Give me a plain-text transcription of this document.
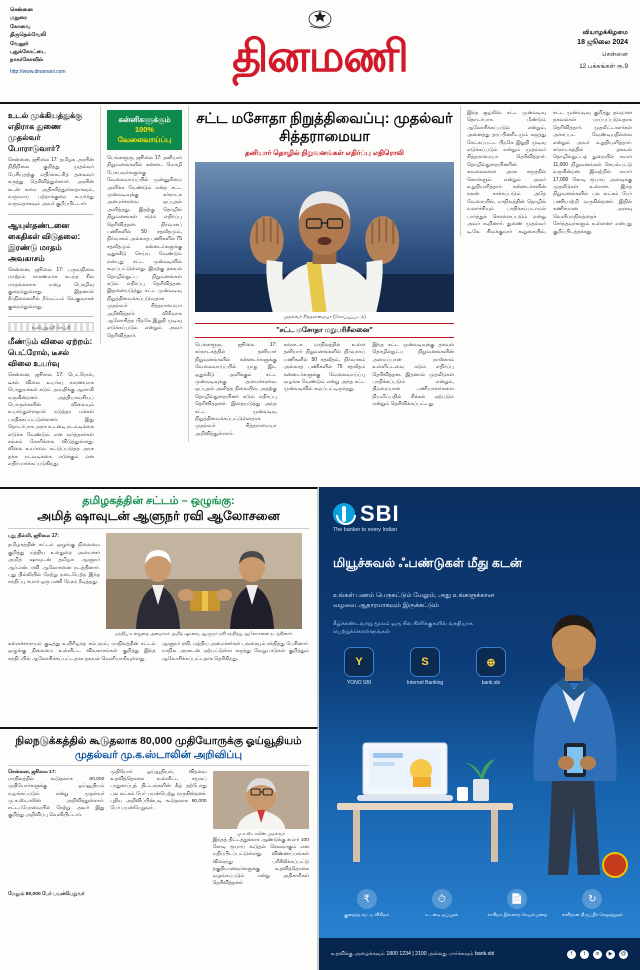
சென்னை
மதுரை
கோவை
திருநெல்வேலி
வேலூர்
புதுக்கோட்டை
நாகர்கோவில்
http://www.dinamani.com	தினமணி	வியாழக்கிழமை
18 ஜூலை 2024
சென்னை
12 பக்கங்கள் ரூ.9
உடல் முக்கியத்துக்கு எதிராக துணை முதல்வர் போராடுவார்?
சென்னை, ஜூலை 17: தமிழக அரசின் நிதிநிலை குறித்து முதல்வர் பேசியதற்கு எதிர்க்கட்சித் தலைவர் கருத்து தெரிவித்துள்ளார். அரசின் கடன் சுமை அதிகரித்துள்ளதாகவும், வருவாய் பற்றாக்குறை உயர்ந்து வருவதாகவும் அவர் குறிப்பிட்டார்.
ஆயுள்தண்டனை கைதிகள் விடுதலை: இரண்டு மாதம் அவகாசம்
சென்னை, ஜூலை 17: பருவநிலை மாற்றம் காரணமாக கடந்த சில மாதங்களாக மழை பொழிவு குறைந்துள்ளது. இதனால் நீர்நிலைகளில் நீர்மட்டம் வெகுவாகக் குறைந்துள்ளது.
வலியுறுத்தி செய்தி
மீண்டும் விலை ஏற்றம்: பெட்ரோல், டீசல் விலை உயர்வு
சென்னை, ஜூலை 17: பெட்ரோல், டீசல் விலை உயர்வு காரணமாக பொதுமக்கள் கடும் அவதிக்கு ஆளாகி வருகின்றனர். அத்தியாவசியப் பொருள்களின் விலையும் உயர்ந்துள்ளதால் நடுத்தர மக்கள் பாதிக்கப்பட்டுள்ளனர். இது தொடர்பாக அரசு உடனடி நடவடிக்கை எடுக்க வேண்டும் என வர்த்தகர்கள் சங்கம் கோரிக்கை விடுத்துள்ளது. விலை உயர்வை கட்டுப்படுத்த அரசு தக்க நடவடிக்கை எடுக்கும் என எதிர்பார்க்கப்படுகிறது.
கன்னிகளுக்கும்
100% வேலைவாய்ப்பு
பெங்களூரு, ஜூலை 17: தனியார் நிறுவனங்களில் கன்னட மொழி பேசுபவர்களுக்கு வேலைவாய்ப்பில் முன்னுரிமை அளிக்க வேண்டும் என்ற சட்ட முன்வடிவுக்கு கர்நாடக அமைச்சரவை ஒப்புதல் அளித்தது. இதற்கு தொழில் நிறுவனங்கள் கடும் எதிர்ப்பு தெரிவித்தன. நிர்வாகப் பணிகளில் 50 சதவீதமும், நிர்வாகம் அல்லாத பணிகளில் 75 சதவீதமும் கன்னடர்களுக்கு ஒதுக்கீடு செய்ய வேண்டும் என்பது சட்ட முன்வடிவில் கூறப்பட்டுள்ளது. இதற்கு தகவல் தொழில்நுட்ப நிறுவனங்கள் கடும் எதிர்ப்பு தெரிவித்தன. இதனையடுத்து, சட்ட முன்வடிவு நிறுத்திவைக்கப்படுவதாக முதல்வர் சித்தராமையா அறிவித்தார். விரிவாக ஆலோசித்த பிறகே இறுதி முடிவு எடுக்கப்படும் என்றும் அவர் தெரிவித்தார்.
சட்ட மசோதா நிறுத்திவைப்பு: முதல்வர் சித்தராமையா
தனியார் தொழில் நிறுவனங்கள் எதிர்ப்பு எதிரொலி
முதல்வர் சித்தராமையா (கோப்புப்படம்)
"சட்ட மசோதா மறுபரிசீலனை"
பெங்களூரு, ஜூலை 17: கர்நாடகத்தில் தனியார் நிறுவனங்களில் கன்னடர்களுக்கு வேலைவாய்ப்பில் முழு இட ஒதுக்கீடு அளிக்கும் சட்ட முன்வடிவுக்கு அமைச்சரவை ஒப்புதல் அளித்த நிலையில், அதற்கு தொழில்துறையினர் கடும் எதிர்ப்பு தெரிவித்தனர். இதையடுத்து அந்த சட்ட முன்வடிவு நிறுத்திவைக்கப்பட்டுள்ளதாக முதல்வர் சித்தராமையா அறிவித்துள்ளார்.
கர்நாடக மாநிலத்தில் உள்ள தனியார் நிறுவனங்களில் நிர்வாகப் பணிகளில் 50 சதவீதம், நிர்வாகம் அல்லாத பணிகளில் 75 சதவீதம் கன்னடர்களுக்கு வேலைவாய்ப்பு வழங்க வேண்டும் என்று அந்த சட்ட முன்வடிவில் கூறப்பட்டிருந்தது.
இந்த சட்ட முன்வடிவுக்கு தகவல் தொழில்நுட்ப நிறுவனங்களின் அமைப்பான நாஸ்காம் உள்ளிட்டவை கடும் எதிர்ப்பு தெரிவித்தன. இதனால் முதலீடுகள் பாதிக்கப்படும் என்றும், திறமையான பணியாளர்களை நியமிப்பதில் சிக்கல் ஏற்படும் என்றும் தெரிவிக்கப்பட்டது.
இந்த சூழலில், சட்ட முன்வடிவு தொடர்பாக மீண்டும் ஆலோசிக்கப்படும் என்றும், அனைத்து தரப்பினரிடமும் கருத்து கேட்கப்பட்ட பிறகே இறுதி முடிவு எடுக்கப்படும் என்றும் முதல்வர் சித்தராமையா தெரிவித்தார். தொழில்துறையினரின் கவலைகளை அரசு கருத்தில் கொள்ளும் என்றும் அவர் உறுதியளித்தார். கன்னடர்களின் நலன் காக்கப்படும் அதே வேளையில், மாநிலத்தின் தொழில் வளர்ச்சியும் பாதிக்கப்படாமல் பார்த்துக் கொள்ளப்படும் என்று அவர் கூறினார். துணை முதல்வர் டி.கே. சிவக்குமார் கூறுகையில், சட்ட முன்வடிவு குறித்து தவறான தகவல்கள் பரப்பப்படுவதாக தெரிவித்தார். முதலீட்டாளர்கள் அச்சப்பட வேண்டியதில்லை என்றும் அவர் உறுதியளித்தார். கர்நாடகத்தில் தகவல் தொழில்நுட்பத் துறையில் சுமார் 11,000 நிறுவனங்கள் செயல்பட்டு வருகின்றன. இவற்றில் சுமார் 17,000 கோடி ரூபாய் அளவுக்கு முதலீடுகள் உள்ளன. இந்த நிறுவனங்களில் பல லட்சம் பேர் பணியாற்றி வருகின்றனர். இதில் கணிசமான அளவு வெளிமாநிலத்தைச் சேர்ந்தவர்களும் உள்ளனர் என்பது குறிப்பிடத்தக்கது.
தமிழகத்தின் சட்டம் – ஒழுங்கு:
அமித் ஷாவுடன் ஆளுநர் ரவி ஆலோசனை
புது தில்லி, ஜூலை 17:
தமிழகத்தின் சட்டம் ஒழுங்கு நிலைமை குறித்து மத்திய உள்துறை அமைச்சர் அமித் ஷாவுடன் தமிழக ஆளுநர் ஆர்.என். ரவி ஆலோசனை நடத்தினார். புது தில்லியில் நேற்று நடைபெற்ற இந்த சந்திப்பு சுமார் ஒரு மணி நேரம் நீடித்தது.
மத்திய உள்துறை அமைச்சர் அமித் ஷாவை ஆளுநர் ரவி சந்தித்து ஆலோசனை நடத்தினார்.
கள்ளச்சாராயம் குடித்து உயிரிழந்த சம்பவம், மாநிலத்தின் சட்டம் ஒழுங்கு நிலைமை உள்ளிட்ட விவகாரங்கள் குறித்து இந்த சந்திப்பில் ஆலோசிக்கப்பட்டதாக தகவல் வெளியாகியுள்ளது.
ஆளுநர் ரவி, மத்திய அமைச்சர்கள் பலரையும் சந்தித்து பேசினார். மாநில அரசுடன் ஏற்பட்டுள்ள கருத்து வேறுபாடுகள் குறித்தும் ஆலோசிக்கப்பட்டதாக தெரிகிறது.
நிலநடுக்கத்தில் கூடுதலாக 80,000 முதியோருக்கு ஓய்வூதியம்
முதல்வர் மு.க.ஸ்டாலின் அறிவிப்பு
சென்னை, ஜூலை 17:
மாநிலத்தில் கூடுதலாக 80,000 முதியோர்களுக்கு ஓய்வூதியம் வழங்கப்படும் என்று முதல்வர் மு.க.ஸ்டாலின் அறிவித்துள்ளார். சட்டப்பேரவையில் நேற்று அவர் இது குறித்து அறிவிப்பு வெளியிட்டார்.
முதியோர் ஓய்வூதியம், விதவை உதவித்தொகை உள்ளிட்ட சமூகப் பாதுகாப்புத் திட்டங்களின் கீழ் தற்போது பல லட்சம் பேர் பயன்பெற்று வருகின்றனர். புதிய அறிவிப்பின்படி கூடுதலாக 80,000 பேர் பயன்பெறுவர்.
மு.க.ஸ்டாலின் முதல்வர்
இந்தத் திட்டத்துக்காக ஆண்டுக்கு சுமார் 100 கோடி ரூபாய் கூடுதல் செலவாகும் என மதிப்பிடப்பட்டுள்ளது. விண்ணப்பங்கள் விரைந்து பரிசீலிக்கப்பட்டு தகுதியானவர்களுக்கு உதவித்தொகை வழங்கப்படும் என்று அதிகாரிகள் தெரிவித்தனர்.
மேலும் 80,000 பேர் பயன்பெறுவர்
SBI
The banker to every Indian
மியூச்சுவல் ஃபண்டுகள் மீது கடன்
உங்கள் பணம் பெருகட்டும் மேலும், அது உங்களுக்கான வழவை ஆதாரமாகவும் இருக்கட்டும்
கீழ்க்கண்டவாறு மூலம் ஒரு சில கிளிக்குகளில் வசதியாக பெற்றுக்கொள்ளுங்கள்
Y
YONO SBI
S
Internet Banking
⊕
bank.sbi
₹
குறைந்த வட்டி விகிதம்
⏱
உடனடி ஒப்புதல்
📄
காகிதம் இல்லாத செயல்முறை
↻
எளிதான திருப்பிச் செலுத்துதல்
உதவிக்கு அழைக்கவும் 1800 1234 | 2100 அல்லது பார்க்கவும் bank.sbi	f	t	in	▶	@
